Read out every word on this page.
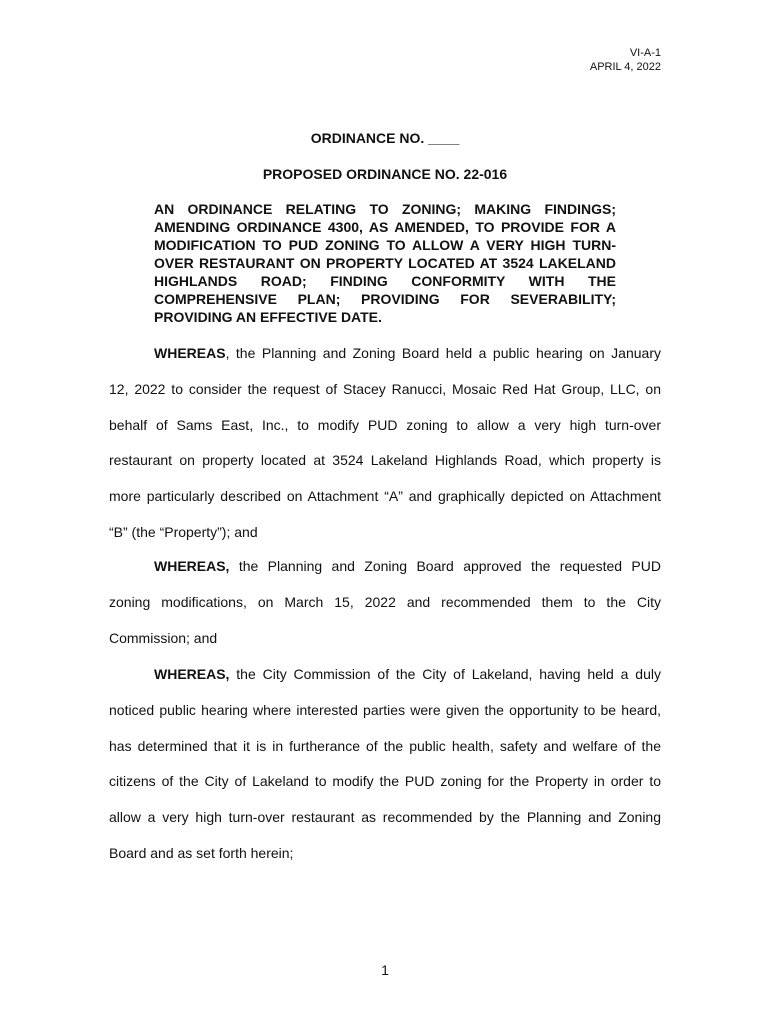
VI-A-1
APRIL 4, 2022
ORDINANCE NO. ____
PROPOSED ORDINANCE NO. 22-016
AN ORDINANCE RELATING TO ZONING; MAKING FINDINGS; AMENDING ORDINANCE 4300, AS AMENDED, TO PROVIDE FOR A MODIFICATION TO PUD ZONING TO ALLOW A VERY HIGH TURN-OVER RESTAURANT ON PROPERTY LOCATED AT 3524 LAKELAND HIGHLANDS ROAD; FINDING CONFORMITY WITH THE COMPREHENSIVE PLAN; PROVIDING FOR SEVERABILITY; PROVIDING AN EFFECTIVE DATE.
WHEREAS, the Planning and Zoning Board held a public hearing on January
12, 2022 to consider the request of Stacey Ranucci, Mosaic Red Hat Group, LLC, on
behalf of Sams East, Inc., to modify PUD zoning to allow a very high turn-over
restaurant on property located at 3524 Lakeland Highlands Road, which property is
more particularly described on Attachment “A” and graphically depicted on Attachment
“B” (the “Property”); and
WHEREAS, the Planning and Zoning Board approved the requested PUD
zoning modifications, on March 15, 2022 and recommended them to the City
Commission; and
WHEREAS, the City Commission of the City of Lakeland, having held a duly
noticed public hearing where interested parties were given the opportunity to be heard,
has determined that it is in furtherance of the public health, safety and welfare of the
citizens of the City of Lakeland to modify the PUD zoning for the Property in order to
allow a very high turn-over restaurant as recommended by the Planning and Zoning
Board and as set forth herein;
1
